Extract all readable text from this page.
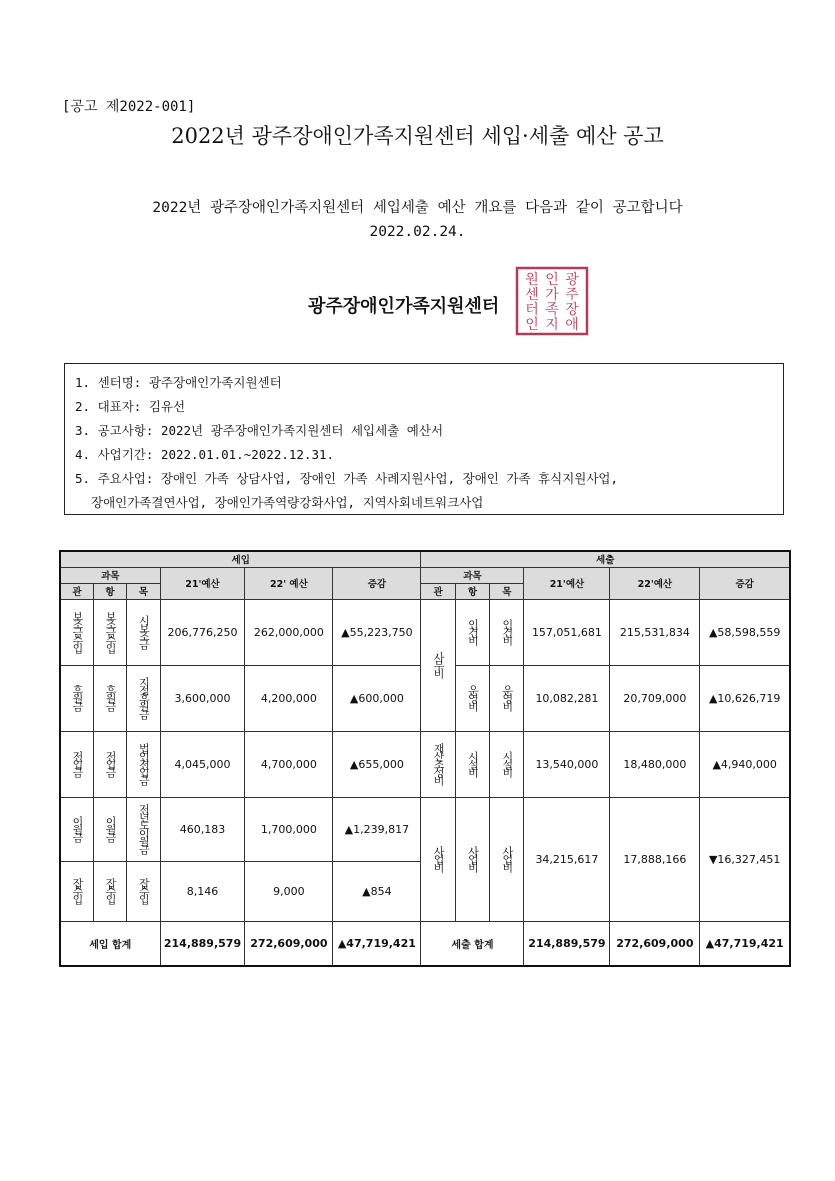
[공고 제2022-001]
2022년 광주장애인가족지원센터 세입·세출 예산 공고
2022년 광주장애인가족지원센터 세입세출 예산 개요를 다음과 같이 공고합니다
2022.02.24.
광주장애인가족지원센터
광
주
장
애
인
가
족
지
원
센
터
인
1. 센터명: 광주장애인가족지원센터
2. 대표자: 김유선
3. 공고사항: 2022년 광주장애인가족지원센터 세입세출 예산서
4. 사업기간: 2022.01.01.~2022.12.31.
5. 주요사업: 장애인 가족 상담사업, 장애인 가족 사례지원사업, 장애인 가족 휴식지원사업,
장애인가족결연사업, 장애인가족역량강화사업, 지역사회네트워크사업
세입						세출					
과목			21'예산	22' 예산	증감	과목			21'예산	22'예산	증감
관	항	목				관	항	목			
보조금수입	보조금수입	시보조금	206,776,250	262,000,000	▲55,223,750	사무비	인건비	인건비	157,051,681	215,531,834	▲58,598,559
후원금	후원금	지정후원금	3,600,000	4,200,000	▲600,000		운영비	운영비	10,082,281	20,709,000	▲10,626,719
전입금	전입금	법인전입금	4,045,000	4,700,000	▲655,000	재산조성비	시설비	시설비	13,540,000	18,480,000	▲4,940,000
이월금	이월금	전년도이월금	460,183	1,700,000	▲1,239,817	사업비	사업비	사업비	34,215,617	17,888,166	▼16,327,451
잡수입	잡수입	잡수입	8,146	9,000	▲854						
세입 합계			214,889,579	272,609,000	▲47,719,421	세출 합계			214,889,579	272,609,000	▲47,719,421
